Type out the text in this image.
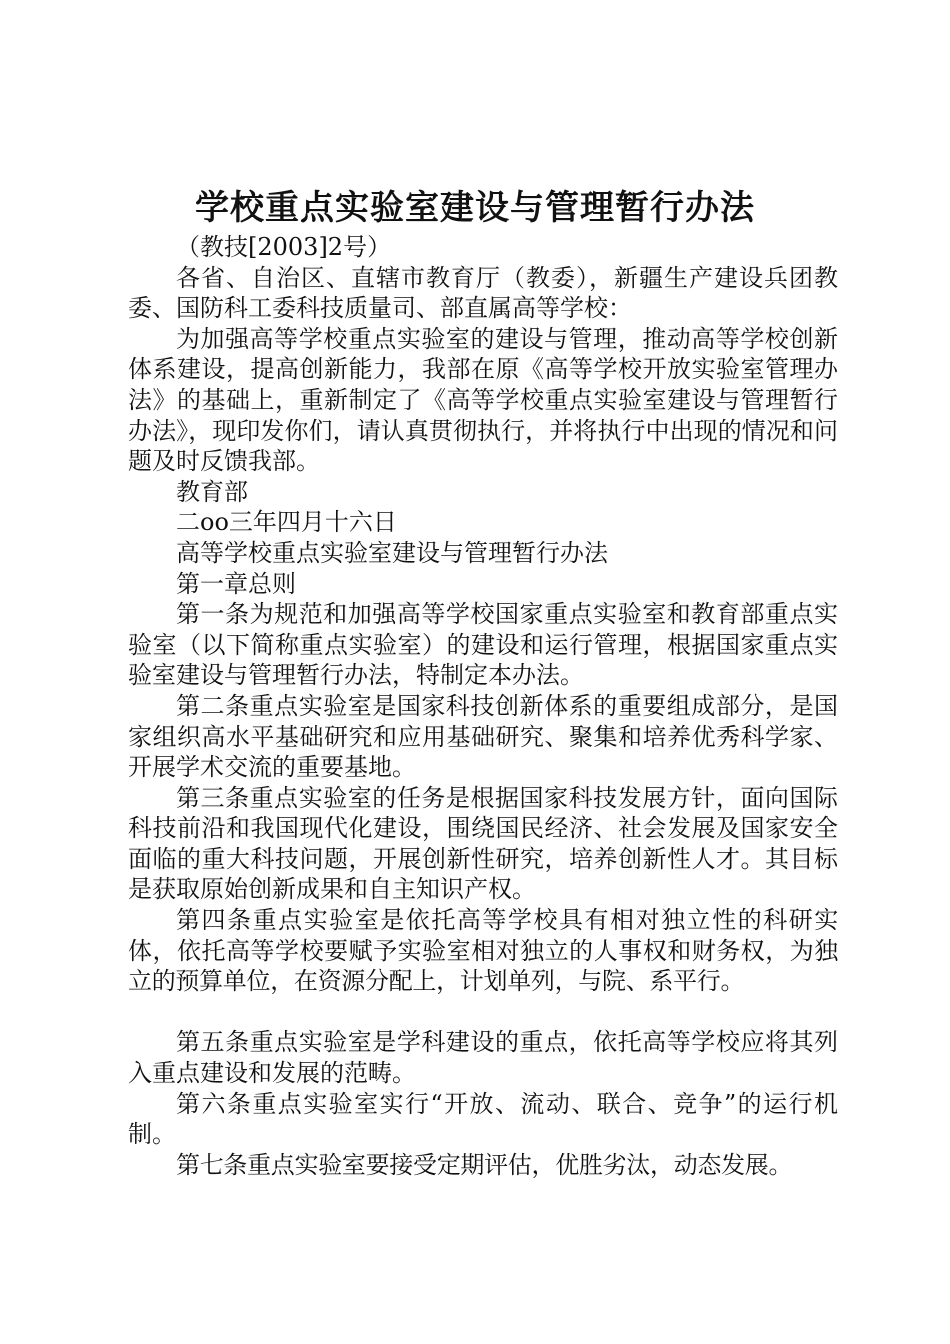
学校重点实验室建设与管理暂行办法

（教技[2003]2号）

各省、自治区、直辖市教育厅（教委），新疆生产建设兵团教委、国防科工委科技质量司、部直属高等学校：

为加强高等学校重点实验室的建设与管理，推动高等学校创新体系建设，提高创新能力，我部在原《高等学校开放实验室管理办法》的基础上，重新制定了《高等学校重点实验室建设与管理暂行办法》，现印发你们，请认真贯彻执行，并将执行中出现的情况和问题及时反馈我部。

教育部

二oo三年四月十六日

高等学校重点实验室建设与管理暂行办法

第一章总则

第一条为规范和加强高等学校国家重点实验室和教育部重点实验室（以下简称重点实验室）的建设和运行管理，根据国家重点实验室建设与管理暂行办法，特制定本办法。

第二条重点实验室是国家科技创新体系的重要组成部分，是国家组织高水平基础研究和应用基础研究、聚集和培养优秀科学家、开展学术交流的重要基地。

第三条重点实验室的任务是根据国家科技发展方针，面向国际科技前沿和我国现代化建设，围绕国民经济、社会发展及国家安全面临的重大科技问题，开展创新性研究，培养创新性人才。其目标是获取原始创新成果和自主知识产权。

第四条重点实验室是依托高等学校具有相对独立性的科研实体，依托高等学校要赋予实验室相对独立的人事权和财务权，为独立的预算单位，在资源分配上，计划单列，与院、系平行。

第五条重点实验室是学科建设的重点，依托高等学校应将其列入重点建设和发展的范畴。

第六条重点实验室实行“开放、流动、联合、竞争”的运行机制。

第七条重点实验室要接受定期评估，优胜劣汰，动态发展。
